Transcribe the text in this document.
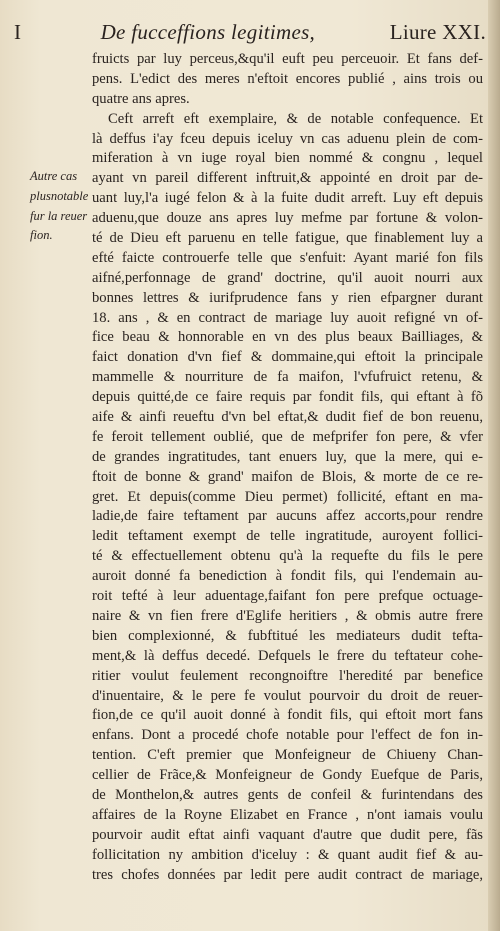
I	De fucceffions legitimes,	Liure XXI.
Autre cas
plusnotable
fur la reuer
fion.
fruicts par luy perceus,&qu'il euft peu perceuoir. Et fans def-
pens. L'edict des meres n'eftoit encores publié , ains trois ou
quatre ans apres.
Ceft arreft eft exemplaire, & de notable confequence. Et
là deffus i'ay fceu depuis iceluy vn cas aduenu plein de com-
miferation à vn iuge royal bien nommé & congnu , lequel
ayant vn pareil different inftruit,& appointé en droit par de-
uant luy,l'a iugé felon & à la fuite dudit arreft. Luy eft depuis
aduenu,que douze ans apres luy mefme par fortune & volon-
té de Dieu eft paruenu en telle fatigue, que finablement luy a
efté faicte controuerfe telle que s'enfuit: Ayant marié fon fils
aifné,perfonnage de grand' doctrine, qu'il auoit nourri aux
bonnes lettres & iurifprudence fans y rien efpargner durant
18. ans , & en contract de mariage luy auoit refigné vn of-
fice beau & honnorable en vn des plus beaux Bailliages, &
faict donation d'vn fief & dommaine,qui eftoit la principale
mammelle & nourriture de fa maifon, l'vfufruict retenu, &
depuis quitté,de ce faire requis par fondit fils, qui eftant à fõ
aife & ainfi reueftu d'vn bel eftat,& dudit fief de bon reuenu,
fe feroit tellement oublié, que de mefprifer fon pere, & vfer
de grandes ingratitudes, tant enuers luy, que la mere, qui e-
ftoit de bonne & grand' maifon de Blois, & morte de ce re-
gret. Et depuis(comme Dieu permet) follicité, eftant en ma-
ladie,de faire teftament par aucuns affez accorts,pour rendre
ledit teftament exempt de telle ingratitude, auroyent follici-
té & effectuellement obtenu qu'à la requefte du fils le pere
auroit donné fa benediction à fondit fils, qui l'endemain au-
roit tefté à leur aduentage,faifant fon pere prefque octuage-
naire & vn fien frere d'Eglife heritiers , & obmis autre frere
bien complexionné, & fubftitué les mediateurs dudit tefta-
ment,& là deffus decedé. Defquels le frere du teftateur cohe-
ritier voulut feulement recongnoiftre l'heredité par benefice
d'inuentaire, & le pere fe voulut pourvoir du droit de reuer-
fion,de ce qu'il auoit donné à fondit fils, qui eftoit mort fans
enfans. Dont a procedé chofe notable pour l'effect de fon in-
tention. C'eft premier que Monfeigneur de Chiueny Chan-
cellier de Frãce,& Monfeigneur de Gondy Euefque de Paris,
de Monthelon,& autres gents de confeil & furintendans des
affaires de la Royne Elizabet en France , n'ont iamais voulu
pourvoir audit eftat ainfi vaquant d'autre que dudit pere, fãs
follicitation ny ambition d'iceluy : & quant audit fief & au-
tres chofes données par ledit pere audit contract de mariage,
